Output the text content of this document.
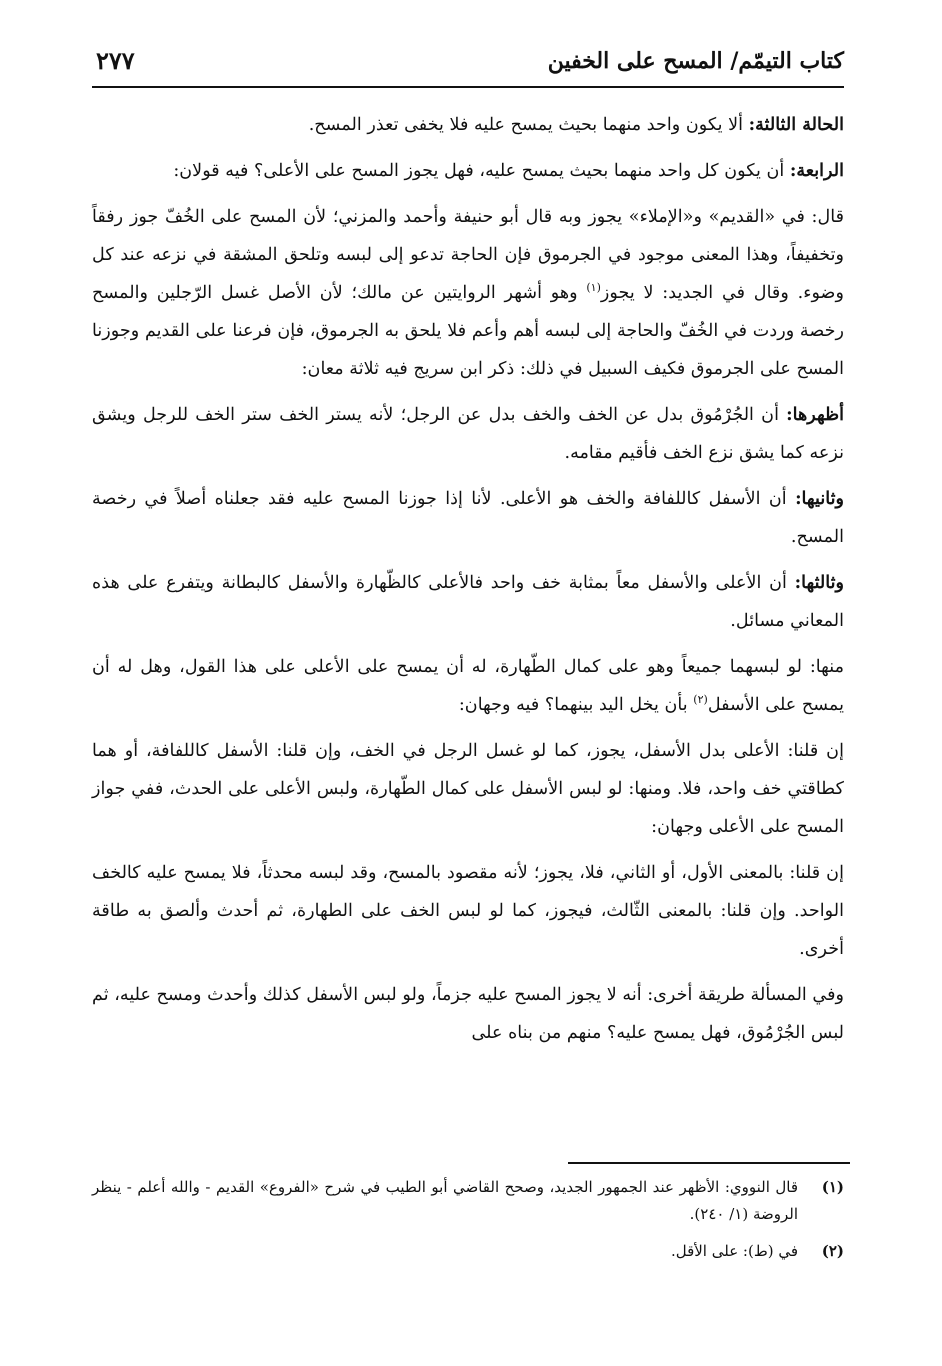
كتاب التيمّم/ المسح على الخفين
٢٧٧

الحالة الثالثة: ألا يكون واحد منهما بحيث يمسح عليه فلا يخفى تعذر المسح.

الرابعة: أن يكون كل واحد منهما بحيث يمسح عليه، فهل يجوز المسح على الأعلى؟ فيه قولان:

قال: في «القديم» و«الإملاء» يجوز وبه قال أبو حنيفة وأحمد والمزني؛ لأن المسح على الخُفّ جوز رفقاً وتخفيفاً، وهذا المعنى موجود في الجرموق فإن الحاجة تدعو إلى لبسه وتلحق المشقة في نزعه عند كل وضوء. وقال في الجديد: لا يجوز$^{(١)}$ وهو أشهر الروايتين عن مالك؛ لأن الأصل غسل الرّجلين والمسح رخصة وردت في الخُفّ والحاجة إلى لبسه أهم وأعم فلا يلحق به الجرموق، فإن فرعنا على القديم وجوزنا المسح على الجرموق فكيف السبيل في ذلك: ذكر ابن سريج فيه ثلاثة معان:

أظهرها: أن الجُرْمُوق بدل عن الخف والخف بدل عن الرجل؛ لأنه يستر الخف ستر الخف للرجل ويشق نزعه كما يشق نزع الخف فأقيم مقامه.

وثانيها: أن الأسفل كاللفافة والخف هو الأعلى. لأنا إذا جوزنا المسح عليه فقد جعلناه أصلاً في رخصة المسح.

وثالثها: أن الأعلى والأسفل معاً بمثابة خف واحد فالأعلى كالظّهارة والأسفل كالبطانة ويتفرع على هذه المعاني مسائل.

منها: لو لبسهما جميعاً وهو على كمال الطّهارة، له أن يمسح على الأعلى على هذا القول، وهل له أن يمسح على الأسفل$^{(٢)}$ بأن يخل اليد بينهما؟ فيه وجهان:

إن قلنا: الأعلى بدل الأسفل، يجوز، كما لو غسل الرجل في الخف، وإن قلنا: الأسفل كاللفافة، أو هما كطاقتي خف واحد، فلا. ومنها: لو لبس الأسفل على كمال الطّهارة، ولبس الأعلى على الحدث، ففي جواز المسح على الأعلى وجهان:

إن قلنا: بالمعنى الأول، أو الثاني، فلا، يجوز؛ لأنه مقصود بالمسح، وقد لبسه محدثاً، فلا يمسح عليه كالخف الواحد. وإن قلنا: بالمعنى الثّالث، فيجوز، كما لو لبس الخف على الطهارة، ثم أحدث وألصق به طاقة أخرى.

وفي المسألة طريقة أخرى: أنه لا يجوز المسح عليه جزماً، ولو لبس الأسفل كذلك وأحدث ومسح عليه، ثم لبس الجُرْمُوق، فهل يمسح عليه؟ منهم من بناه على

(١)
قال النووي: الأظهر عند الجمهور الجديد، وصحح القاضي أبو الطيب في شرح «الفروع» القديم - والله أعلم - ينظر الروضة (١/ ٢٤٠).
(٢)
في (ط): على الأقل.
